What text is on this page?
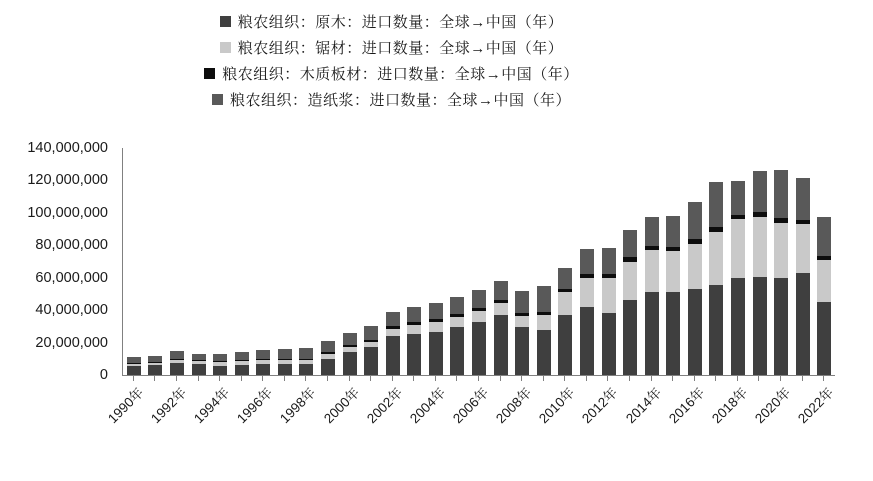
粮农组织：原木：进口数量：全球→中国（年）
粮农组织：锯材：进口数量：全球→中国（年）
粮农组织：木质板材：进口数量：全球→中国（年）
粮农组织：造纸浆：进口数量：全球→中国（年）
0
20,000,000
40,000,000
60,000,000
80,000,000
100,000,000
120,000,000
140,000,000
1990年 1992年 1994年 1996年 1998年 2000年 2002年 2004年 2006年 2008年 2010年 2012年 2014年 2016年 2018年 2020年 2022年
